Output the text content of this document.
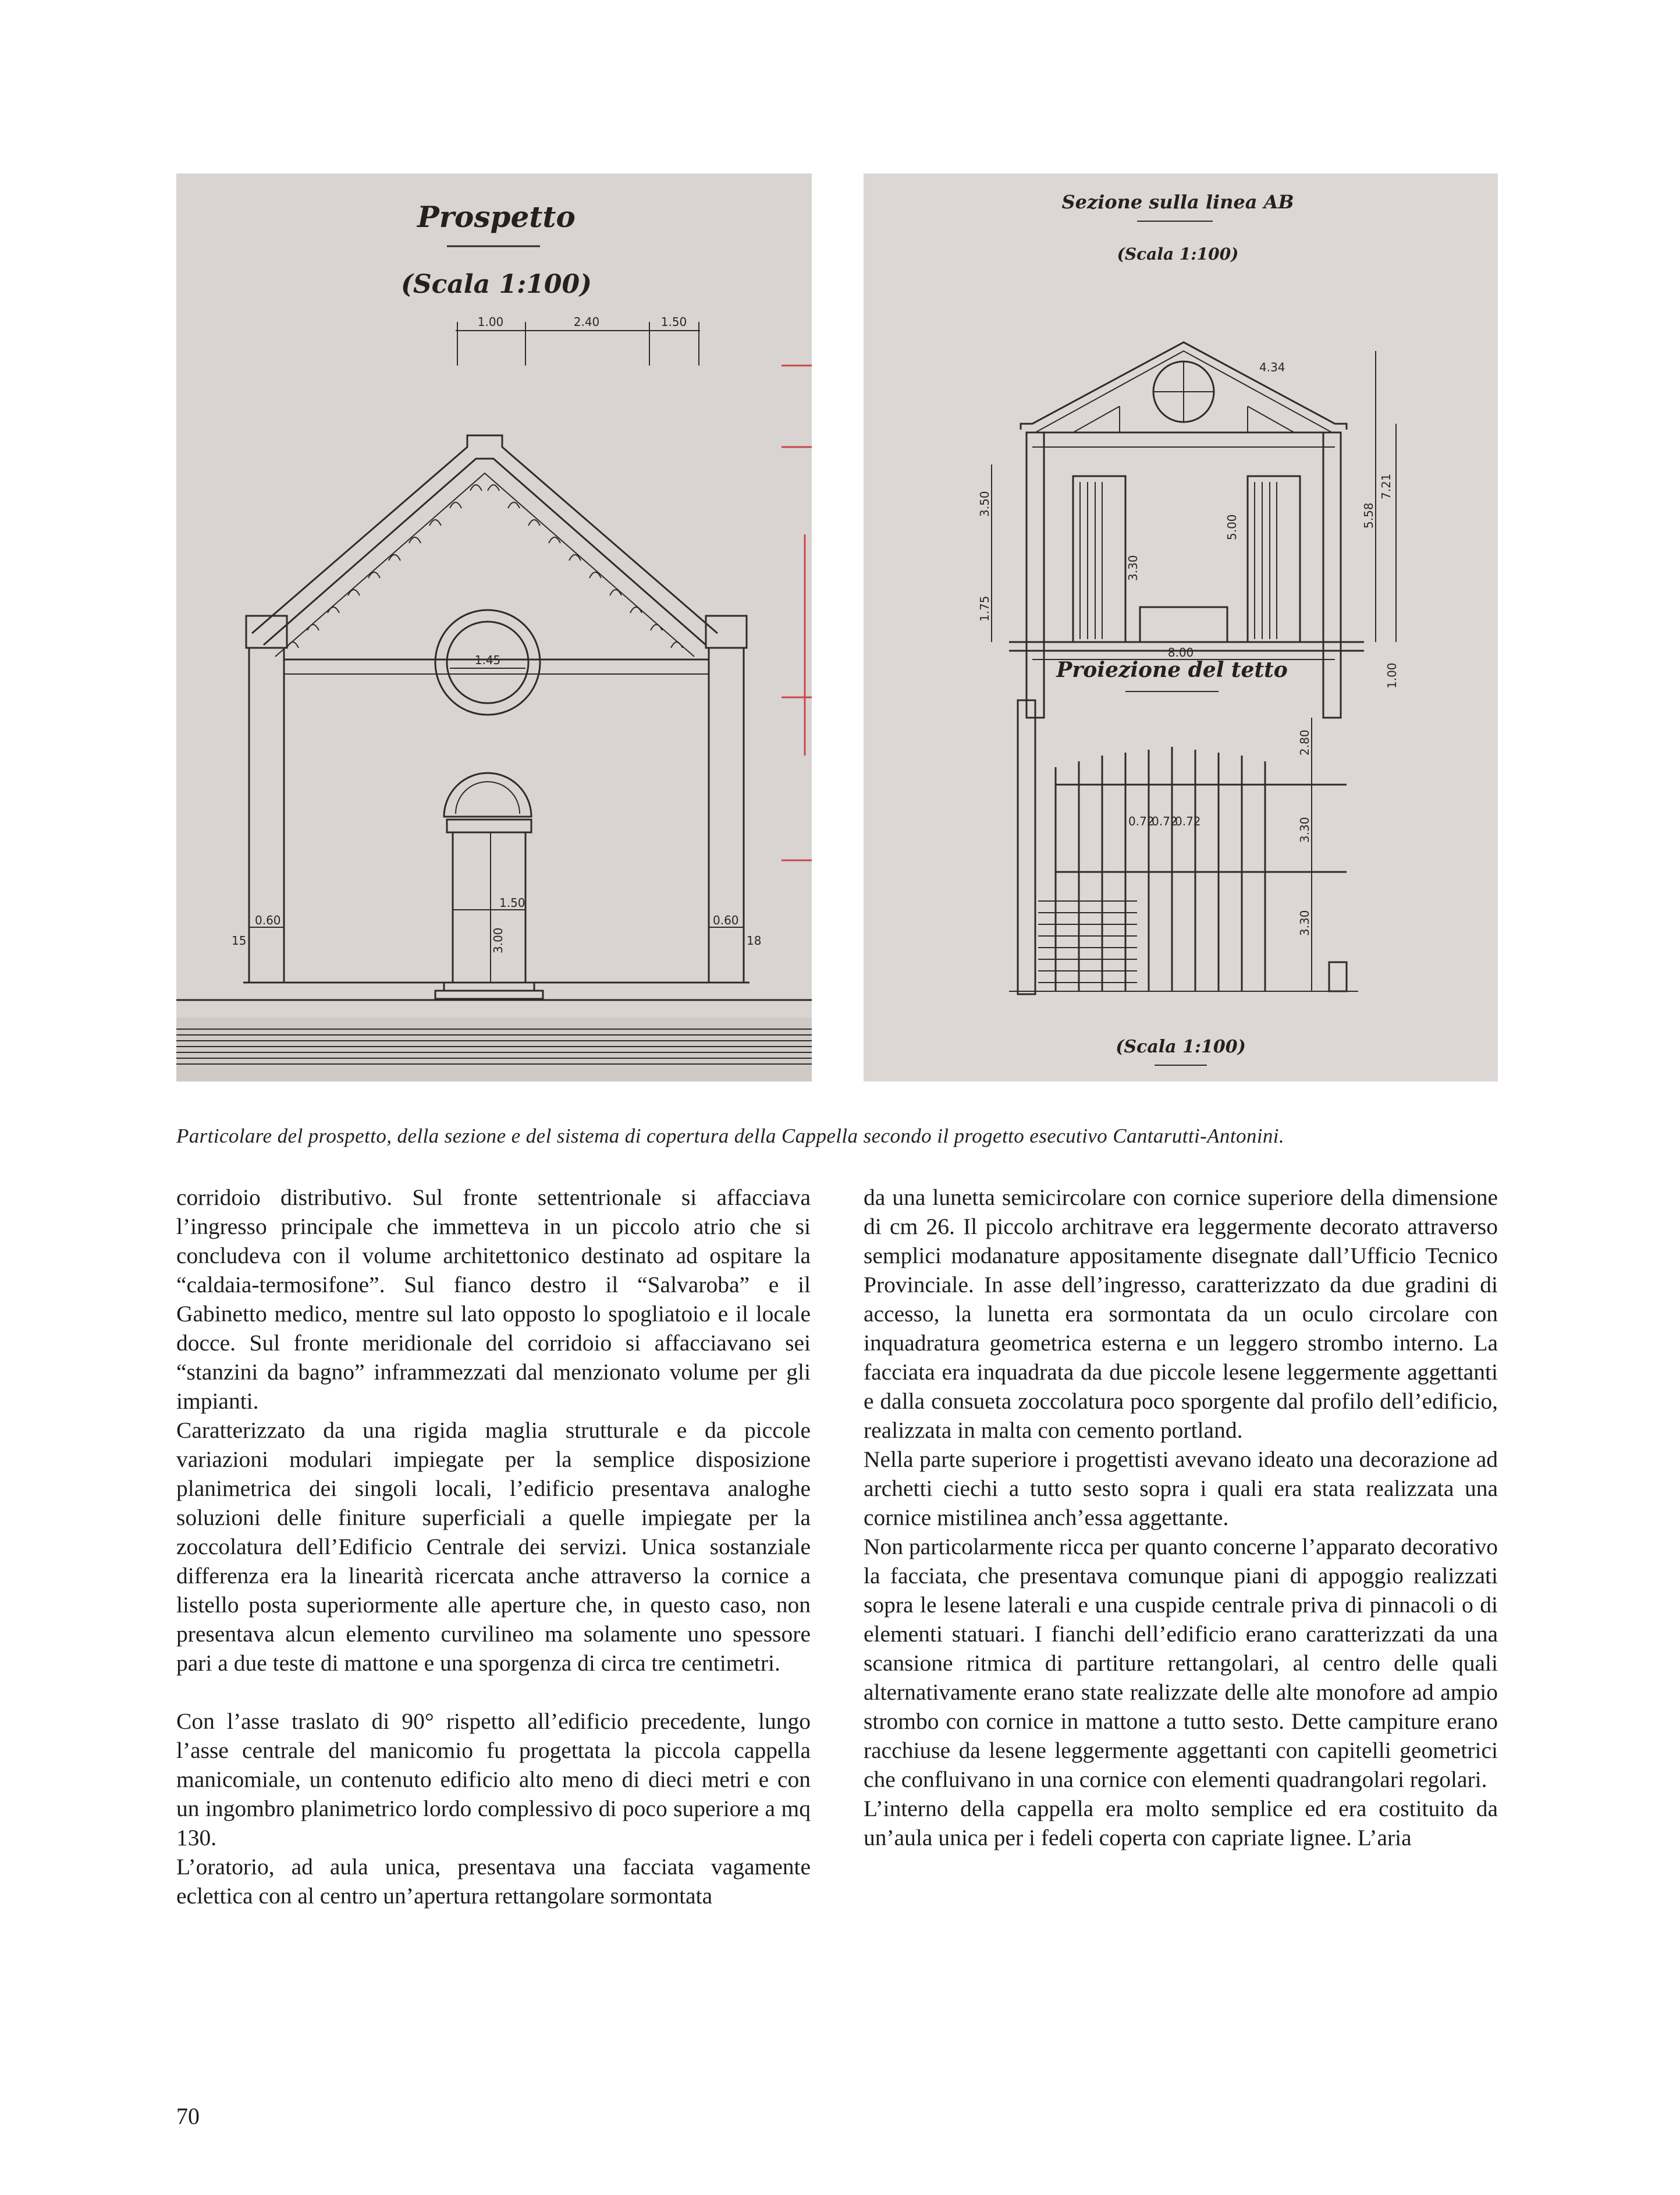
Prospetto
(Scala 1:100)
1.00	2.40	1.50
1.45
1.50
3.00
0.60
15
0.60
18
Sezione sulla linea AB
(Scala 1:100)
8.00
7.21
5.58
5.00
3.30
3.50
1.75
4.34
1.00
Proiezione del tetto
2.80
3.30
3.30
0.72
0.72
0.72
(Scala 1:100)
Particolare del prospetto, della sezione e del sistema di copertura della Cappella secondo il progetto esecutivo Cantarutti-Antonini.

corridoio distributivo. Sul fronte settentrionale si affacciava l’ingresso principale che immetteva in un piccolo atrio che si concludeva con il volume architettonico destinato ad ospitare la “caldaia-termosifone”. Sul fianco destro il “Salvaroba” e il Gabinetto medico, mentre sul lato opposto lo spogliatoio e il locale docce. Sul fronte meridionale del corridoio si affacciavano sei “stanzini da bagno” inframmezzati dal menzionato volume per gli impianti.

Caratterizzato da una rigida maglia strutturale e da piccole variazioni modulari impiegate per la semplice disposizione planimetrica dei singoli locali, l’edificio presentava analoghe soluzioni delle finiture superficiali a quelle impiegate per la zoccolatura dell’Edificio Centrale dei servizi. Unica sostanziale differenza era la linearità ricercata anche attraverso la cornice a listello posta superiormente alle aperture che, in questo caso, non presentava alcun elemento curvilineo ma solamente uno spessore pari a due teste di mattone e una sporgenza di circa tre centimetri.

Con l’asse traslato di 90° rispetto all’edificio precedente, lungo l’asse centrale del manicomio fu progettata la piccola cappella manicomiale, un contenuto edificio alto meno di dieci metri e con un ingombro planimetrico lordo complessivo di poco superiore a mq 130.

L’oratorio, ad aula unica, presentava una facciata vagamente eclettica con al centro un’apertura rettangolare sormontata

da una lunetta semicircolare con cornice superiore della dimensione di cm 26. Il piccolo architrave era leggermente decorato attraverso semplici modanature appositamente disegnate dall’Ufficio Tecnico Provinciale. In asse dell’ingresso, caratterizzato da due gradini di accesso, la lunetta era sormontata da un oculo circolare con inquadratura geometrica esterna e un leggero strombo interno. La facciata era inquadrata da due piccole lesene leggermente aggettanti e dalla consueta zoccolatura poco sporgente dal profilo dell’edificio, realizzata in malta con cemento portland.

Nella parte superiore i progettisti avevano ideato una decorazione ad archetti ciechi a tutto sesto sopra i quali era stata realizzata una cornice mistilinea anch’essa aggettante.

Non particolarmente ricca per quanto concerne l’apparato decorativo la facciata, che presentava comunque piani di appoggio realizzati sopra le lesene laterali e una cuspide centrale priva di pinnacoli o di elementi statuari. I fianchi dell’edificio erano caratterizzati da una scansione ritmica di partiture rettangolari, al centro delle quali alternativamente erano state realizzate delle alte monofore ad ampio strombo con cornice in mattone a tutto sesto. Dette campiture erano racchiuse da lesene leggermente aggettanti con capitelli geometrici che confluivano in una cornice con elementi quadrangolari regolari.

L’interno della cappella era molto semplice ed era costituito da un’aula unica per i fedeli coperta con capriate lignee. L’aria

70
